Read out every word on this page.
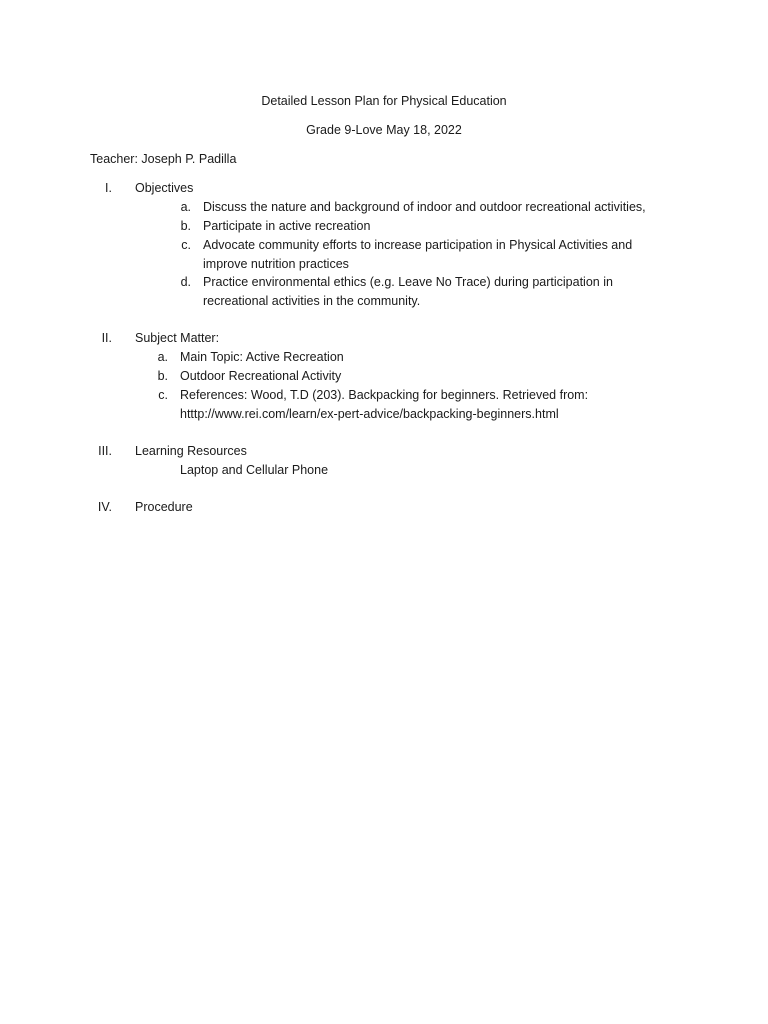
Detailed Lesson Plan for Physical Education
Grade 9-Love May 18, 2022
Teacher: Joseph P. Padilla
I. Objectives
a. Discuss the nature and background of indoor and outdoor recreational activities,
b. Participate in active recreation
c. Advocate community efforts to increase participation in Physical Activities and
improve nutrition practices
d. Practice environmental ethics (e.g. Leave No Trace) during participation in
recreational activities in the community.
II. Subject Matter:
a. Main Topic: Active Recreation
b. Outdoor Recreational Activity
c. References: Wood, T.D (203). Backpacking for beginners. Retrieved from:
htttp://www.rei.com/learn/ex-pert-advice/backpacking-beginners.html
III. Learning Resources
Laptop and Cellular Phone
IV. Procedure
